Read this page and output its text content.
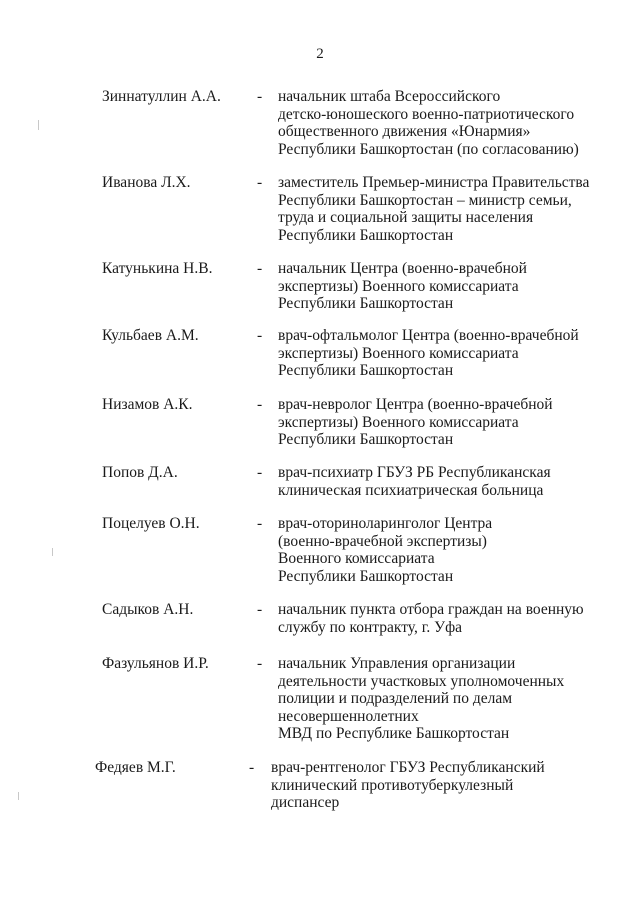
2
Зиннатуллин А.А. - начальник штаба Всероссийского
детско-юношеского военно-патриотического
общественного движения «Юнармия»
Республики Башкортостан (по согласованию)
Иванова Л.Х.	- заместитель Премьер-министра Правительства
Республики Башкортостан – министр семьи,
труда и социальной защиты населения
Республики Башкортостан
Катунькина Н.В.	- начальник Центра (военно-врачебной
экспертизы) Военного комиссариата
Республики Башкортостан
Кульбаев А.М.	- врач-офтальмолог Центра (военно-врачебной
экспертизы) Военного комиссариата
Республики Башкортостан
Низамов А.К.	- врач-невролог Центра (военно-врачебной
экспертизы) Военного комиссариата
Республики Башкортостан
Попов Д.А.	- врач-психиатр ГБУЗ РБ Республиканская
клиническая психиатрическая больница
Поцелуев О.Н.	- врач-оториноларинголог Центра
(военно-врачебной экспертизы)
Военного комиссариата
Республики Башкортостан
Садыков А.Н.	- начальник пункта отбора граждан на военную
службу по контракту, г. Уфа
Фазульянов И.Р.	- начальник Управления организации
деятельности участковых уполномоченных
полиции и подразделений по делам
несовершеннолетних
МВД по Республике Башкортостан
Федяев М.Г.	- врач-рентгенолог ГБУЗ Республиканский
клинический противотуберкулезный
диспансер
